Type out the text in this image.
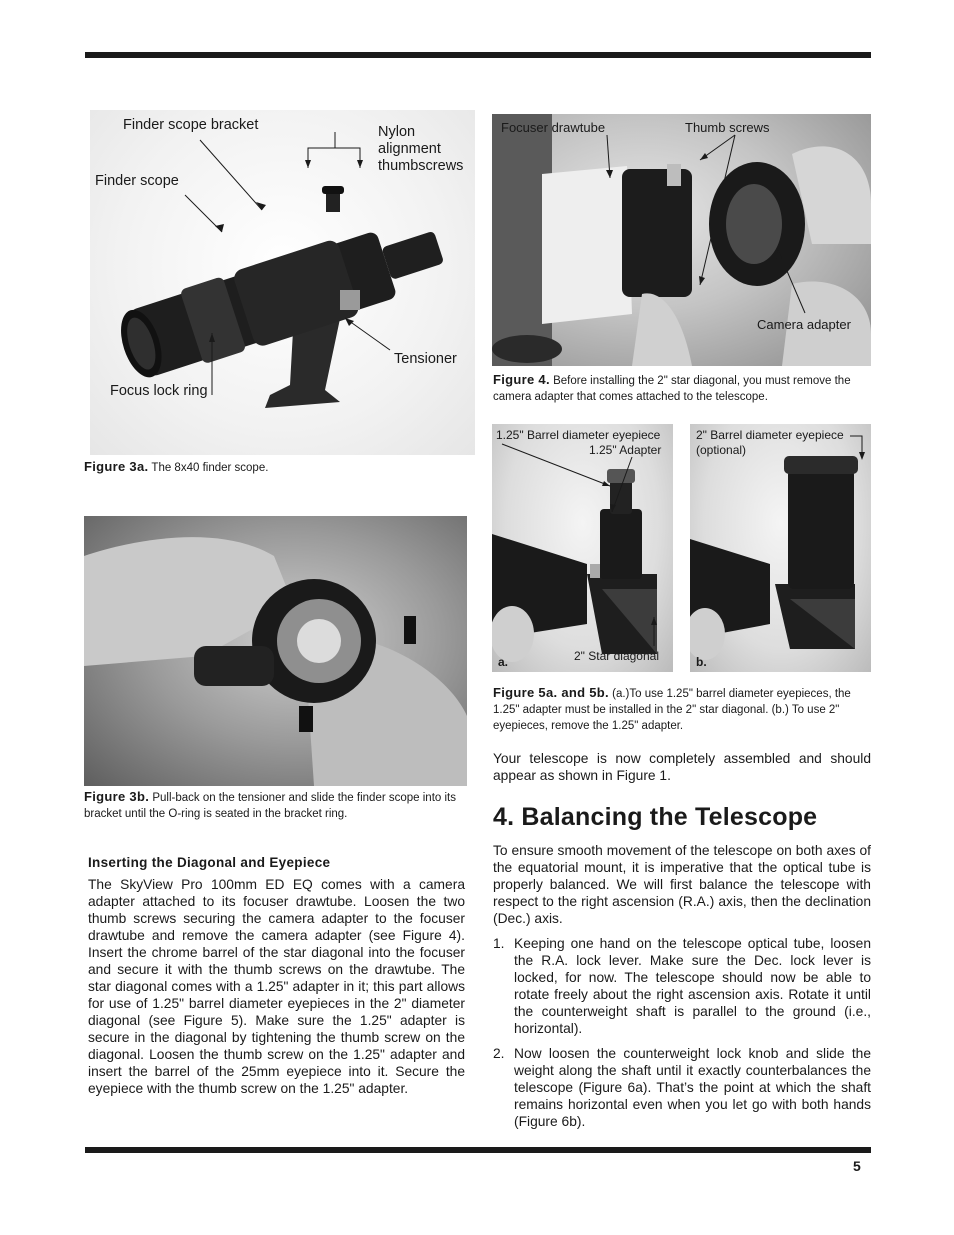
Finder scope bracket
Finder scope
Nylon
alignment
thumbscrews
Tensioner
Focus lock ring
Figure 3a. The 8x40 finder scope.
Figure 3b. Pull-back on the tensioner and slide the finder scope into its bracket until the O-ring is seated in the bracket ring.
Inserting the Diagonal and Eyepiece
The SkyView Pro 100mm ED EQ comes with a camera adapter attached to its focuser drawtube. Loosen the two thumb screws securing the camera adapter to the focuser drawtube and remove the camera adapter (see Figure 4). Insert the chrome barrel of the star diagonal into the focuser and secure it with the thumb screws on the drawtube. The star diagonal comes with a 1.25" adapter in it; this part allows for use of 1.25" barrel diameter eyepieces in the 2" diameter diagonal (see Figure 5). Make sure the 1.25" adapter is secure in the diagonal by tightening the thumb screw on the diagonal. Loosen the thumb screw on the 1.25" adapter and insert the barrel of the 25mm eyepiece into it. Secure the eyepiece with the thumb screw on the 1.25" adapter.
Focuser drawtube	Thumb screws
Camera adapter
Figure 4. Before installing the 2" star diagonal, you must remove the camera adapter that comes attached to the telescope.
1.25" Barrel diameter eyepiece
1.25" Adapter
2" Star diagonal
a.
2" Barrel diameter eyepiece
(optional)
b.
Figure 5a. and 5b. (a.)To use 1.25" barrel diameter eyepieces, the 1.25" adapter must be installed in the 2" star diagonal. (b.) To use 2" eyepieces, remove the 1.25" adapter.
Your telescope is now completely assembled and should appear as shown in Figure 1.
4. Balancing the Telescope
To ensure smooth movement of the telescope on both axes of the equatorial mount, it is imperative that the optical tube is properly balanced. We will first balance the telescope with respect to the right ascension (R.A.) axis, then the declination (Dec.) axis.
1. Keeping one hand on the telescope optical tube, loosen the R.A. lock lever. Make sure the Dec. lock lever is locked, for now. The telescope should now be able to rotate freely about the right ascension axis. Rotate it until the counterweight shaft is parallel to the ground (i.e., horizontal).
2. Now loosen the counterweight lock knob and slide the weight along the shaft until it exactly counterbalances the telescope (Figure 6a). That’s the point at which the shaft remains horizontal even when you let go with both hands (Figure 6b).
5
